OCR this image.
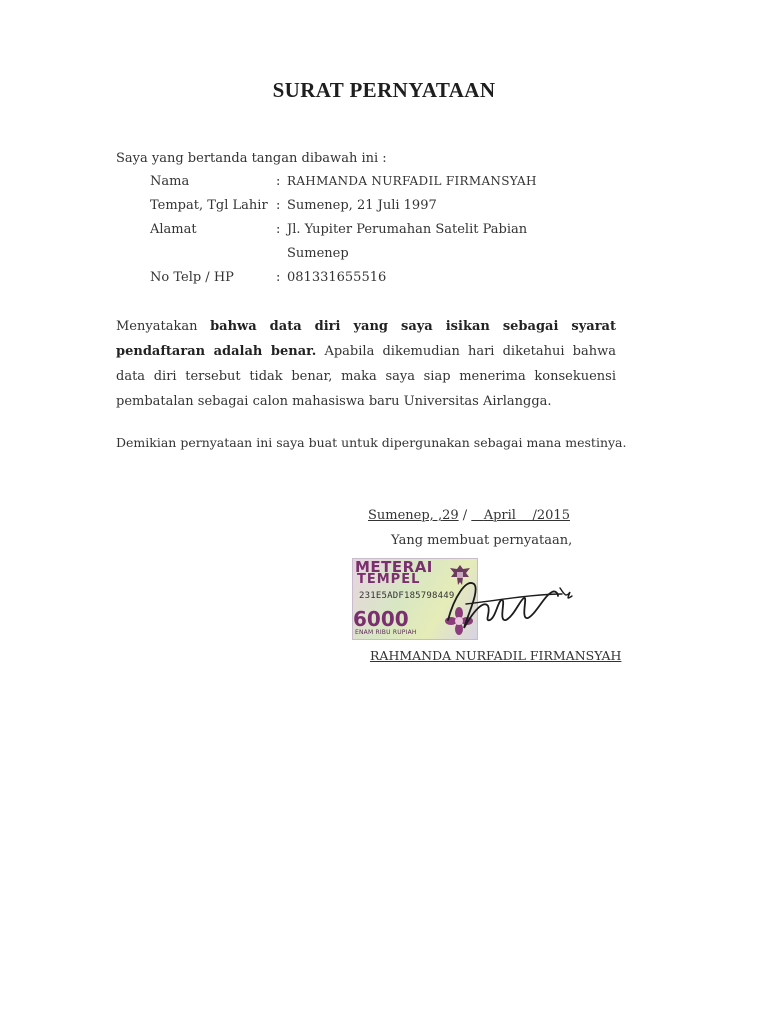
SURAT PERNYATAAN
Saya yang bertanda tangan dibawah ini :
Nama	: RAHMANDA NURFADIL FIRMANSYAH
Tempat, Tgl Lahir : Sumenep, 21 Juli 1997
Alamat	: Jl. Yupiter Perumahan Satelit Pabian
Sumenep
No Telp / HP	: 081331655516
Menyatakan bahwa data diri yang saya isikan sebagai syarat pendaftaran adalah benar. Apabila dikemudian hari diketahui bahwa data diri tersebut tidak benar, maka saya siap menerima konsekuensi pembatalan sebagai calon mahasiswa baru Universitas Airlangga.
Demikian pernyataan ini saya buat untuk dipergunakan sebagai mana mestinya.
Sumenep, ,29 / April /2015
Yang membuat pernyataan,
METERAI
TEMPEL
231E5ADF185798449
6000
ENAM RIBU RUPIAH
RAHMANDA NURFADIL FIRMANSYAH
